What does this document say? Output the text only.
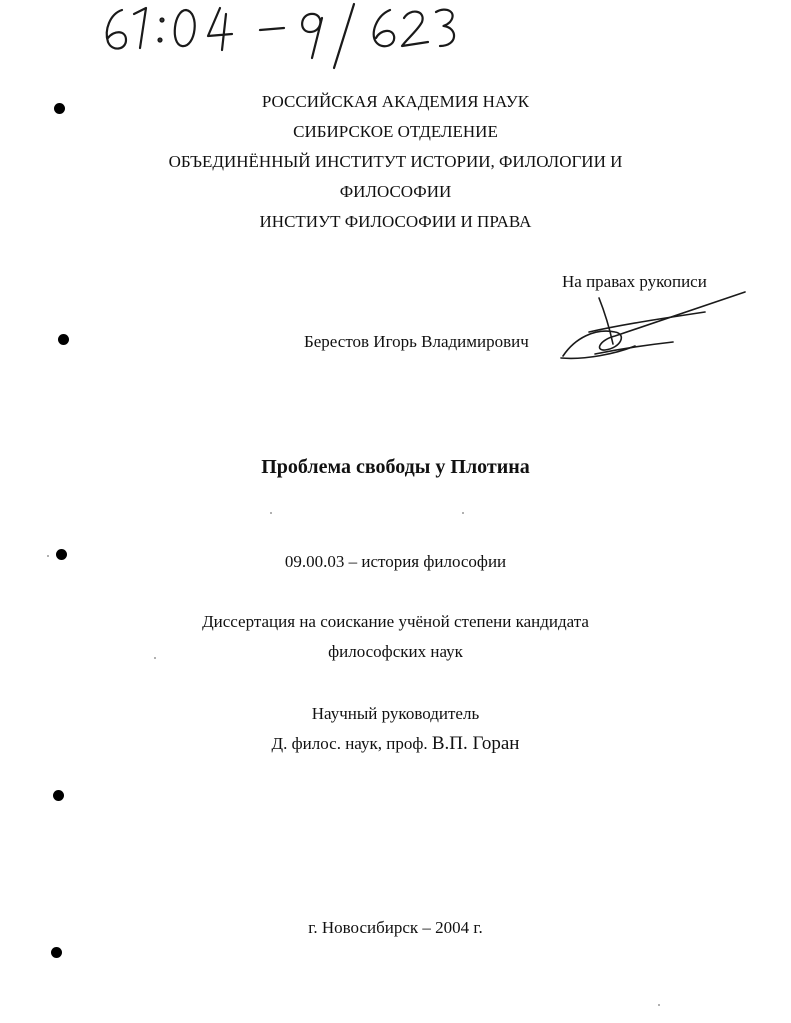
РОССИЙСКАЯ АКАДЕМИЯ НАУК
СИБИРСКОЕ ОТДЕЛЕНИЕ
ОБЪЕДИНЁННЫЙ ИНСТИТУТ ИСТОРИИ, ФИЛОЛОГИИ И
ФИЛОСОФИИ
ИНСТИУТ ФИЛОСОФИИ И ПРАВА
На правах рукописи
Берестов Игорь Владимирович
Проблема свободы у Плотина
09.00.03 – история философии
Диссертация на соискание учёной степени кандидата
философских наук
Научный руководитель
Д. филос. наук, проф. В.П. Горан
г. Новосибирск – 2004 г.
